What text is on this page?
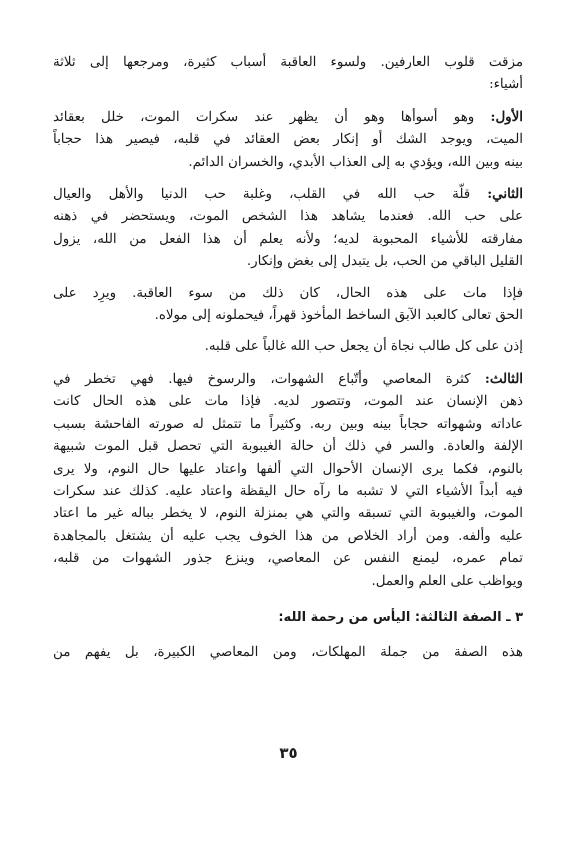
مزقت قلوب العارفين. ولسوء العاقبة أسباب كثيرة، ومرجعها إلى ثلاثة
أشياء:

الأول: وهو أسوأها وهو أن يظهر عند سكرات الموت، خلل بعقائد
الميت، ويوجد الشك أو إنكار بعض العقائد في قلبه، فيصير هذا حجاباً
بينه وبين الله، ويؤدي به إلى العذاب الأبدي، والخسران الدائم.

الثاني: قلّة حب الله في القلب، وغلبة حب الدنيا والأهل والعيال
على حب الله. فعندما يشاهد هذا الشخص الموت، ويستحضر في ذهنه
مفارقته للأشياء المحبوبة لديه؛ ولأنه يعلم أن هذا الفعل من الله، يزول
القليل الباقي من الحب، بل يتبدل إلى بغض وإنكار.

فإذا مات على هذه الحال، كان ذلك من سوء العاقبة. ويرِد على
الحق تعالى كالعبد الآبق الساخط المأخوذ قهراً، فيحملونه إلى مولاه.

إذن على كل طالب نجاة أن يجعل حب الله غالباً على قلبه.

الثالث: كثرة المعاصي وأتّباع الشهوات، والرسوخ فيها. فهي تخطر في
ذهن الإنسان عند الموت، وتتصور لديه. فإذا مات على هذه الحال كانت
عاداته وشهواته حجاباً بينه وبين ربه. وكثيراً ما تتمثل له صورته الفاحشة بسبب
الإلفة والعادة. والسر في ذلك أن حالة الغيبوبة التي تحصل قبل الموت شبيهة
بالنوم، فكما يرى الإنسان الأحوال التي ألفها واعتاد عليها حال النوم، ولا يرى
فيه أبداً الأشياء التي لا تشبه ما رآه حال اليقظة واعتاد عليه. كذلك عند سكرات
الموت، والغيبوبة التي تسبقه والتي هي بمنزلة النوم، لا يخطر بباله غير ما اعتاد
عليه وألفه. ومن أراد الخلاص من هذا الخوف يجب عليه أن يشتغل بالمجاهدة
تمام عمره، ليمنع النفس عن المعاصي، وينزع جذور الشهوات من قلبه،
ويواظب على العلم والعمل.

٣ ـ الصفة الثالثة: اليأس من رحمة الله:

هذه الصفة من جملة المهلكات، ومن المعاصي الكبيرة، بل يفهم من

٣٥
